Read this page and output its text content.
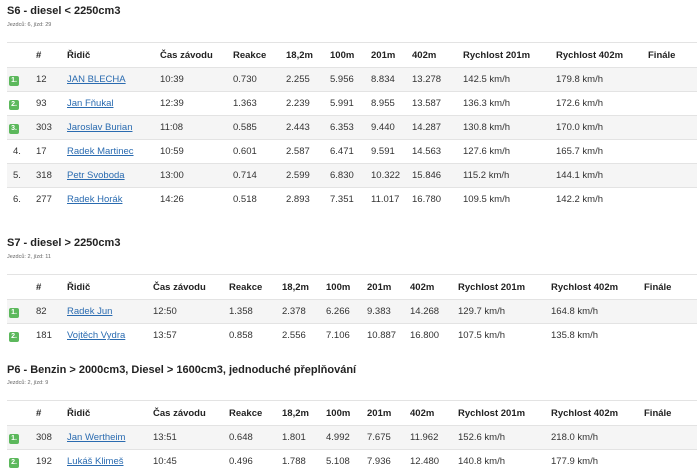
S6 - diesel < 2250cm3
Jezdců: 6, jízd: 29
	#	Řidič	Čas závodu	Reakce	18,2m	100m	201m	402m	Rychlost 201m	Rychlost 402m	Finále
1.	12	JAN BLECHA	10:39	0.730	2.255	5.956	8.834	13.278	142.5 km/h	179.8 km/h	
2.	93	Jan Fňukal	12:39	1.363	2.239	5.991	8.955	13.587	136.3 km/h	172.6 km/h	
3.	303	Jaroslav Burian	11:08	0.585	2.443	6.353	9.440	14.287	130.8 km/h	170.0 km/h	
4.	17	Radek Martinec	10:59	0.601	2.587	6.471	9.591	14.563	127.6 km/h	165.7 km/h	
5.	318	Petr Svoboda	13:00	0.714	2.599	6.830	10.322	15.846	115.2 km/h	144.1 km/h	
6.	277	Radek Horák	14:26	0.518	2.893	7.351	11.017	16.780	109.5 km/h	142.2 km/h	
S7 - diesel > 2250cm3
Jezdců: 2, jízd: 11
	#	Řidič	Čas závodu	Reakce	18,2m	100m	201m	402m	Rychlost 201m	Rychlost 402m	Finále
1.	82	Radek Jun	12:50	1.358	2.378	6.266	9.383	14.268	129.7 km/h	164.8 km/h	
2.	181	Vojtěch Vydra	13:57	0.858	2.556	7.106	10.887	16.800	107.5 km/h	135.8 km/h	
P6 - Benzin > 2000cm3, Diesel > 1600cm3, jednoduché přeplňování
Jezdců: 2, jízd: 9
	#	Řidič	Čas závodu	Reakce	18,2m	100m	201m	402m	Rychlost 201m	Rychlost 402m	Finále
1.	308	Jan Wertheim	13:51	0.648	1.801	4.992	7.675	11.962	152.6 km/h	218.0 km/h	
2.	192	Lukáš Klimeš	10:45	0.496	1.788	5.108	7.936	12.480	140.8 km/h	177.9 km/h	
